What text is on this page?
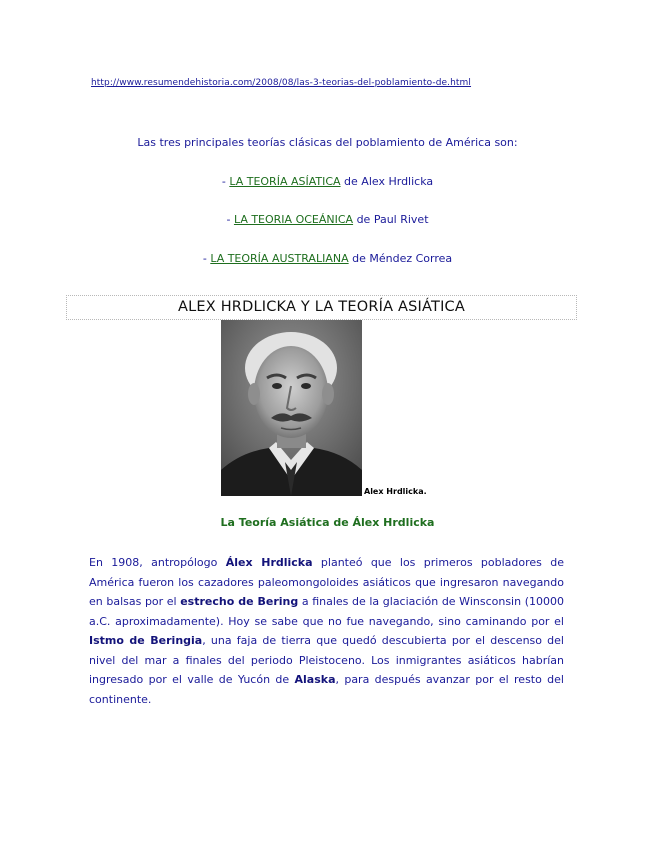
http://www.resumendehistoria.com/2008/08/las-3-teorias-del-poblamiento-de.html
Las tres principales teorías clásicas del poblamiento de América son:
- LA TEORÍA ASÍATICA de Alex Hrdlicka
- LA TEORIA OCEÁNICA de Paul Rivet
- LA TEORÍA AUSTRALIANA de Méndez Correa
ALEX HRDLICKA Y LA TEORÍA ASIÁTICA
Alex Hrdlicka.
La Teoría Asiática de Álex Hrdlicka
En 1908, antropólogo Álex Hrdlicka planteó que los primeros pobladores de América fueron los cazadores paleomongoloides asiáticos que ingresaron navegando en balsas por el estrecho de Bering a finales de la glaciación de Winsconsin (10000 a.C. aproximadamente). Hoy se sabe que no fue navegando, sino caminando por el Istmo de Beringia, una faja de tierra que quedó descubierta por el descenso del nivel del mar a finales del periodo Pleistoceno. Los inmigrantes asiáticos habrían ingresado por el valle de Yucón de Alaska, para después avanzar por el resto del continente.
